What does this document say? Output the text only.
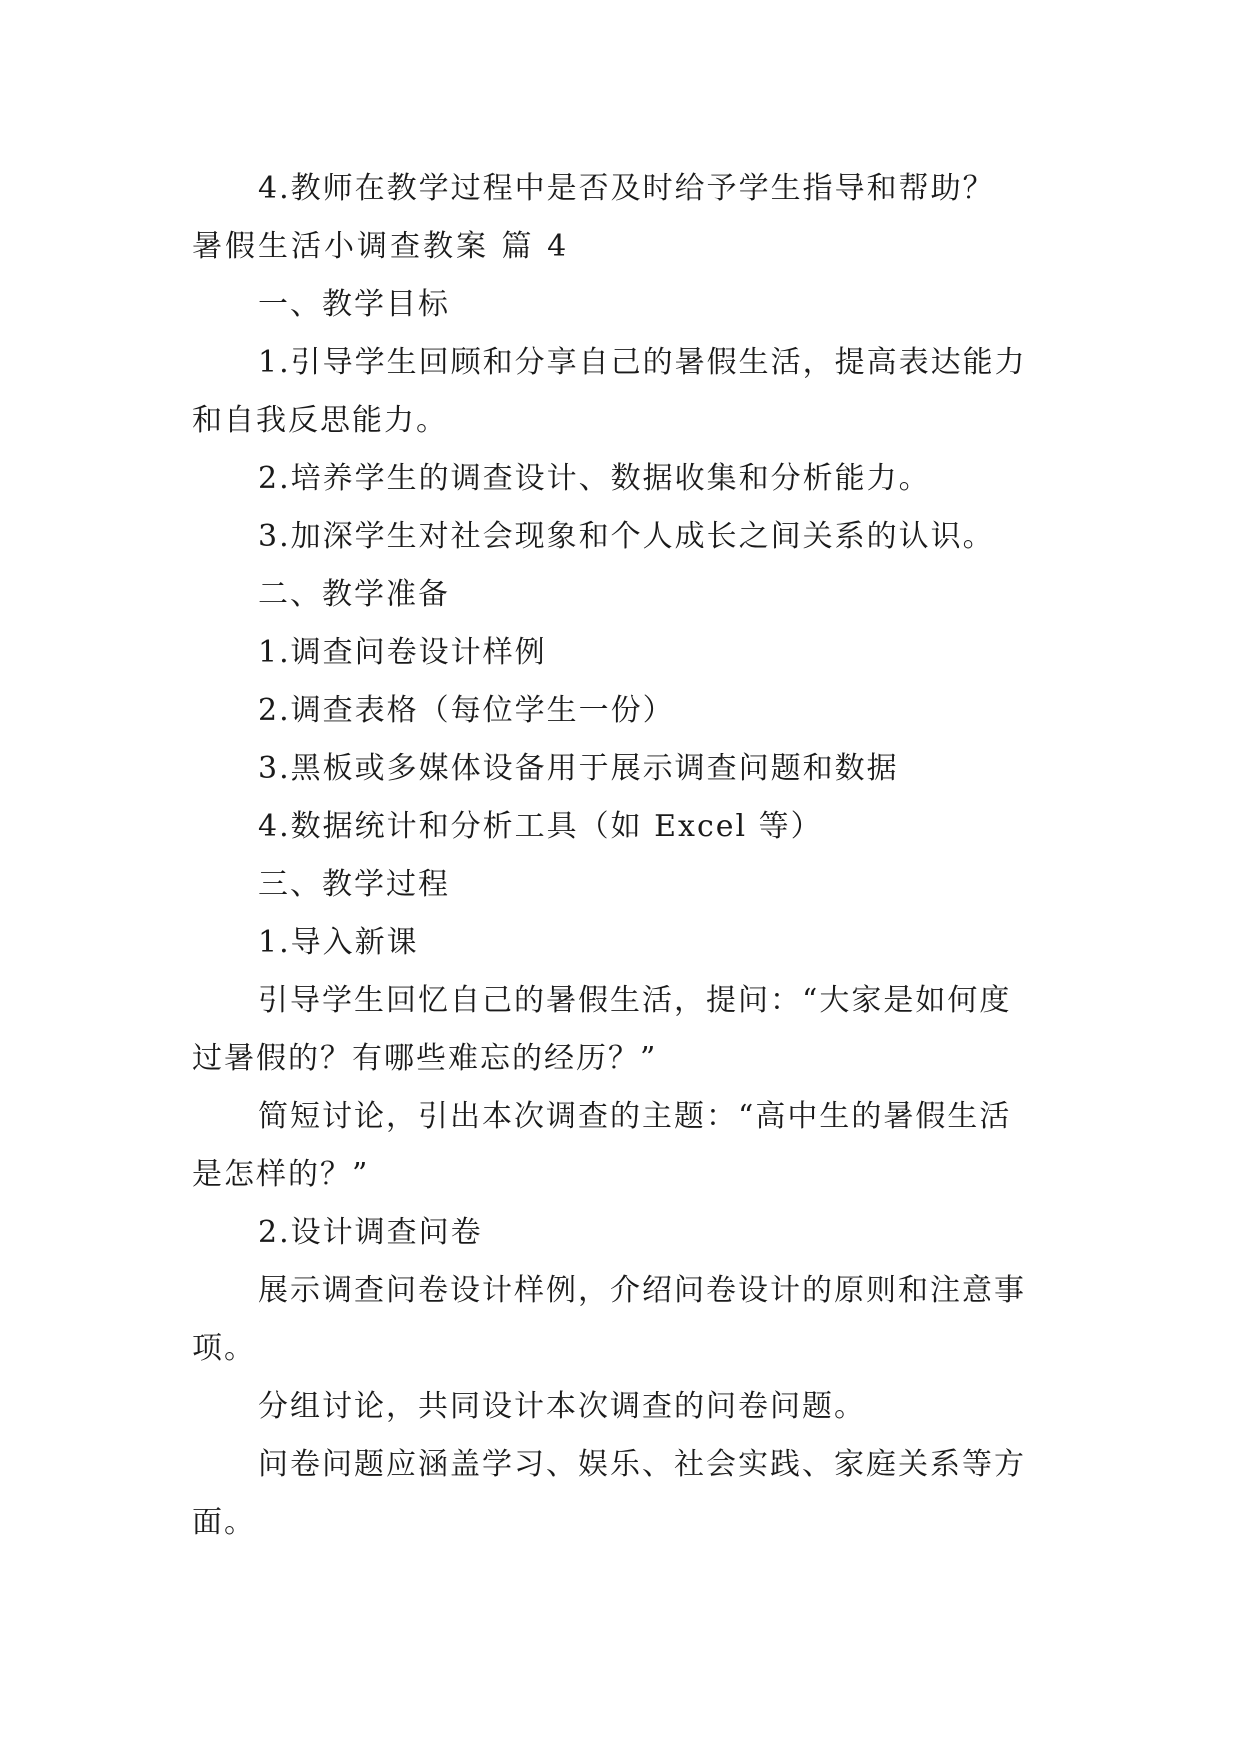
4.教师在教学过程中是否及时给予学生指导和帮助？
暑假生活小调查教案 篇 4
一、教学目标
1.引导学生回顾和分享自己的暑假生活，提高表达能力
和自我反思能力。
2.培养学生的调查设计、数据收集和分析能力。
3.加深学生对社会现象和个人成长之间关系的认识。
二、教学准备
1.调查问卷设计样例
2.调查表格（每位学生一份）
3.黑板或多媒体设备用于展示调查问题和数据
4.数据统计和分析工具（如 Excel 等）
三、教学过程
1.导入新课
引导学生回忆自己的暑假生活，提问：“大家是如何度
过暑假的？有哪些难忘的经历？”
简短讨论，引出本次调查的主题：“高中生的暑假生活
是怎样的？”
2.设计调查问卷
展示调查问卷设计样例，介绍问卷设计的原则和注意事
项。
分组讨论，共同设计本次调查的问卷问题。
问卷问题应涵盖学习、娱乐、社会实践、家庭关系等方
面。
